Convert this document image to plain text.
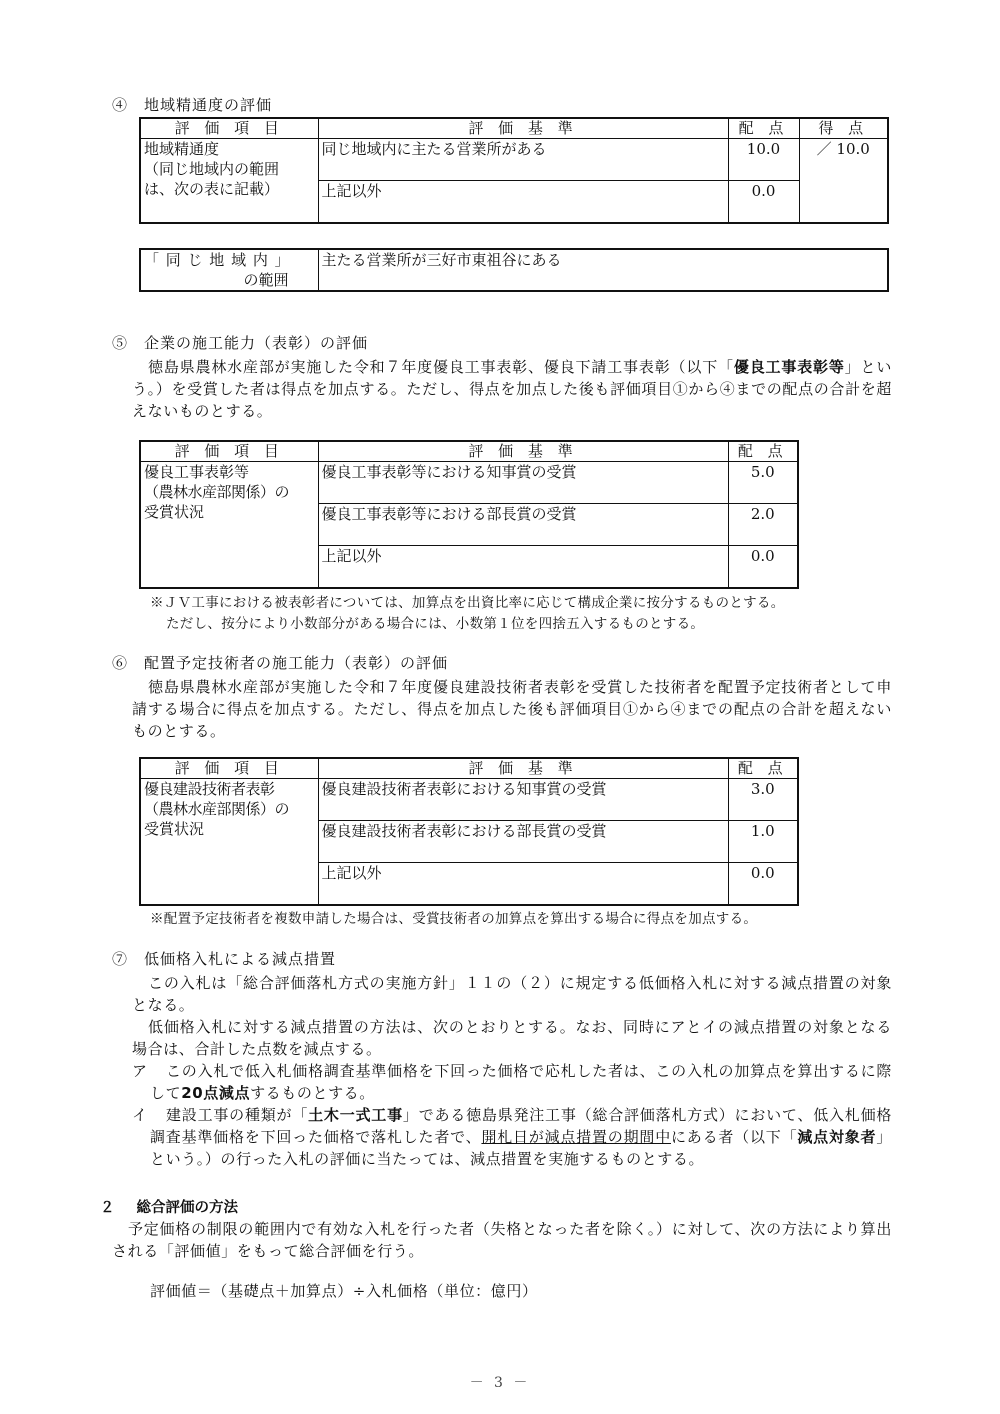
④　地域精通度の評価
評 価 項 目	評 価 基 準	配 点	得 点

地域精通度
（同じ地域内の範囲
は、次の表に記載）	同じ地域内に主たる営業所がある	10.0	／ 10.0
	上記以外	0.0	
「 同 じ 地 域 内 」
の範囲
	主たる営業所が三好市東祖谷にある
⑤　企業の施工能力（表彰）の評価
徳島県農林水産部が実施した令和７年度優良工事表彰、優良下請工事表彰（以下「優良工事表彰等」という。）を受賞した者は得点を加点する。ただし、得点を加点した後も評価項目①から④までの配点の合計を超えないものとする。
評 価 項 目	評 価 基 準	配 点

優良工事表彰等
（農林水産部関係）の
受賞状況	優良工事表彰等における知事賞の受賞	5.0
	優良工事表彰等における部長賞の受賞	2.0
	上記以外	0.0
※ＪＶ工事における被表彰者については、加算点を出資比率に応じて構成企業に按分するものとする。
ただし、按分により小数部分がある場合には、小数第１位を四捨五入するものとする。
⑥　配置予定技術者の施工能力（表彰）の評価
徳島県農林水産部が実施した令和７年度優良建設技術者表彰を受賞した技術者を配置予定技術者として申請する場合に得点を加点する。ただし、得点を加点した後も評価項目①から④までの配点の合計を超えないものとする。
評 価 項 目	評 価 基 準	配 点

優良建設技術者表彰
（農林水産部関係）の
受賞状況	優良建設技術者表彰における知事賞の受賞	3.0
	優良建設技術者表彰における部長賞の受賞	1.0
	上記以外	0.0
※配置予定技術者を複数申請した場合は、受賞技術者の加算点を算出する場合に得点を加点する。
⑦　低価格入札による減点措置
この入札は「総合評価落札方式の実施方針」１１の（２）に規定する低価格入札に対する減点措置の対象となる。
低価格入札に対する減点措置の方法は、次のとおりとする。なお、同時にアとイの減点措置の対象となる場合は、合計した点数を減点する。
ア	この入札で低入札価格調査基準価格を下回った価格で応札した者は、この入札の加算点を算出するに際して20点減点するものとする。
イ	建設工事の種類が「土木一式工事」である徳島県発注工事（総合評価落札方式）において、低入札価格調査基準価格を下回った価格で落札した者で、開札日が減点措置の期間中にある者（以下「減点対象者」という。）の行った入札の評価に当たっては、減点措置を実施するものとする。
２ 総合評価の方法
予定価格の制限の範囲内で有効な入札を行った者（失格となった者を除く。）に対して、次の方法により算出される「評価値」をもって総合評価を行う。
評価値＝（基礎点＋加算点）÷入札価格（単位：億円）
－ 3 －
